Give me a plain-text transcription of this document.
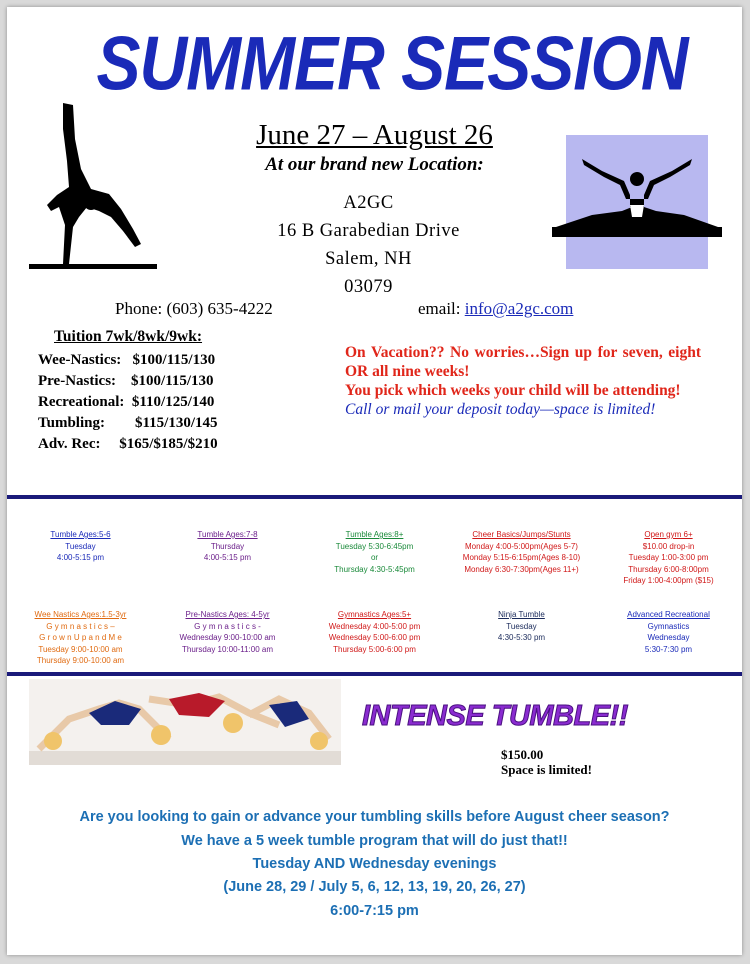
SUMMER SESSION
June 27 – August 26
At our brand new Location:
A2GC
16 B Garabedian Drive
Salem, NH
03079
Phone: (603) 635-4222	email: info@a2gc.com
Tuition 7wk/8wk/9wk:
Wee-Nastics:   $100/115/130
Pre-Nastics:    $100/115/130
Recreational:  $110/125/140
Tumbling:        $115/130/145
Adv. Rec:     $165/$185/$210
On Vacation?? No worries…Sign up for seven, eight OR all nine weeks!
You pick which weeks your child will be attending!
Call or mail your deposit today—space is limited!
Tumble Ages:5-6
Tuesday
4:00-5:15 pm
Tumble Ages:7-8
Thursday
4:00-5:15 pm
Tumble Ages:8+
Tuesday 5:30-6:45pm
or
Thursday 4:30-5:45pm
Cheer Basics/Jumps/Stunts
Monday 4:00-5:00pm(Ages 5-7)
Monday 5:15-6:15pm(Ages 8-10)
Monday 6:30-7:30pm(Ages 11+)
Open gym 6+
$10.00 drop-in
Tuesday 1:00-3:00 pm
Thursday 6:00-8:00pm
Friday 1:00-4:00pm ($15)
Wee Nastics Ages:1.5-3yr
G y m n a s t i c s –
G r o w n U p a n d M e
Tuesday 9:00-10:00 am
Thursday 9:00-10:00 am
Pre-Nastics Ages: 4-5yr
G y m n a s t i c s -
Wednesday 9:00-10:00 am
Thursday 10:00-11:00 am
Gymnastics Ages:5+
Wednesday 4:00-5:00 pm
Wednesday 5:00-6:00 pm
Thursday 5:00-6:00 pm
Ninja Tumble
Tuesday
4:30-5:30 pm
Advanced Recreational
Gymnastics
Wednesday
5:30-7:30 pm
INTENSE TUMBLE!!
$150.00
Space is limited!
Are you looking to gain or advance your tumbling skills before August cheer season?
We have a 5 week tumble program that will do just that!!
Tuesday AND Wednesday evenings
(June 28, 29 / July 5, 6, 12, 13, 19, 20, 26, 27)
6:00-7:15 pm
